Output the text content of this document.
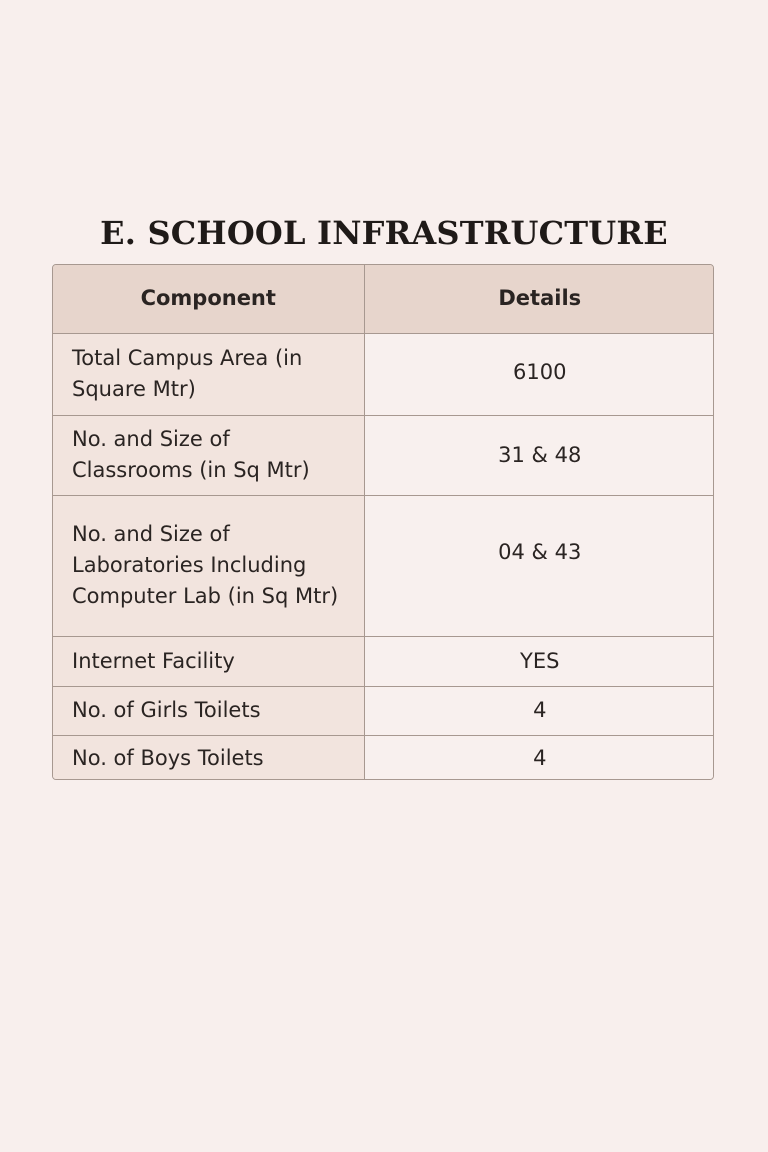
E. SCHOOL INFRASTRUCTURE
Component	Details

Total Campus Area (in Square Mtr)	6100

No. and Size of Classrooms (in Sq Mtr)	31 & 48

No. and Size of Laboratories Including Computer Lab (in Sq Mtr)	04 & 43

Internet Facility	YES

No. of Girls Toilets	4

No. of Boys Toilets	4
